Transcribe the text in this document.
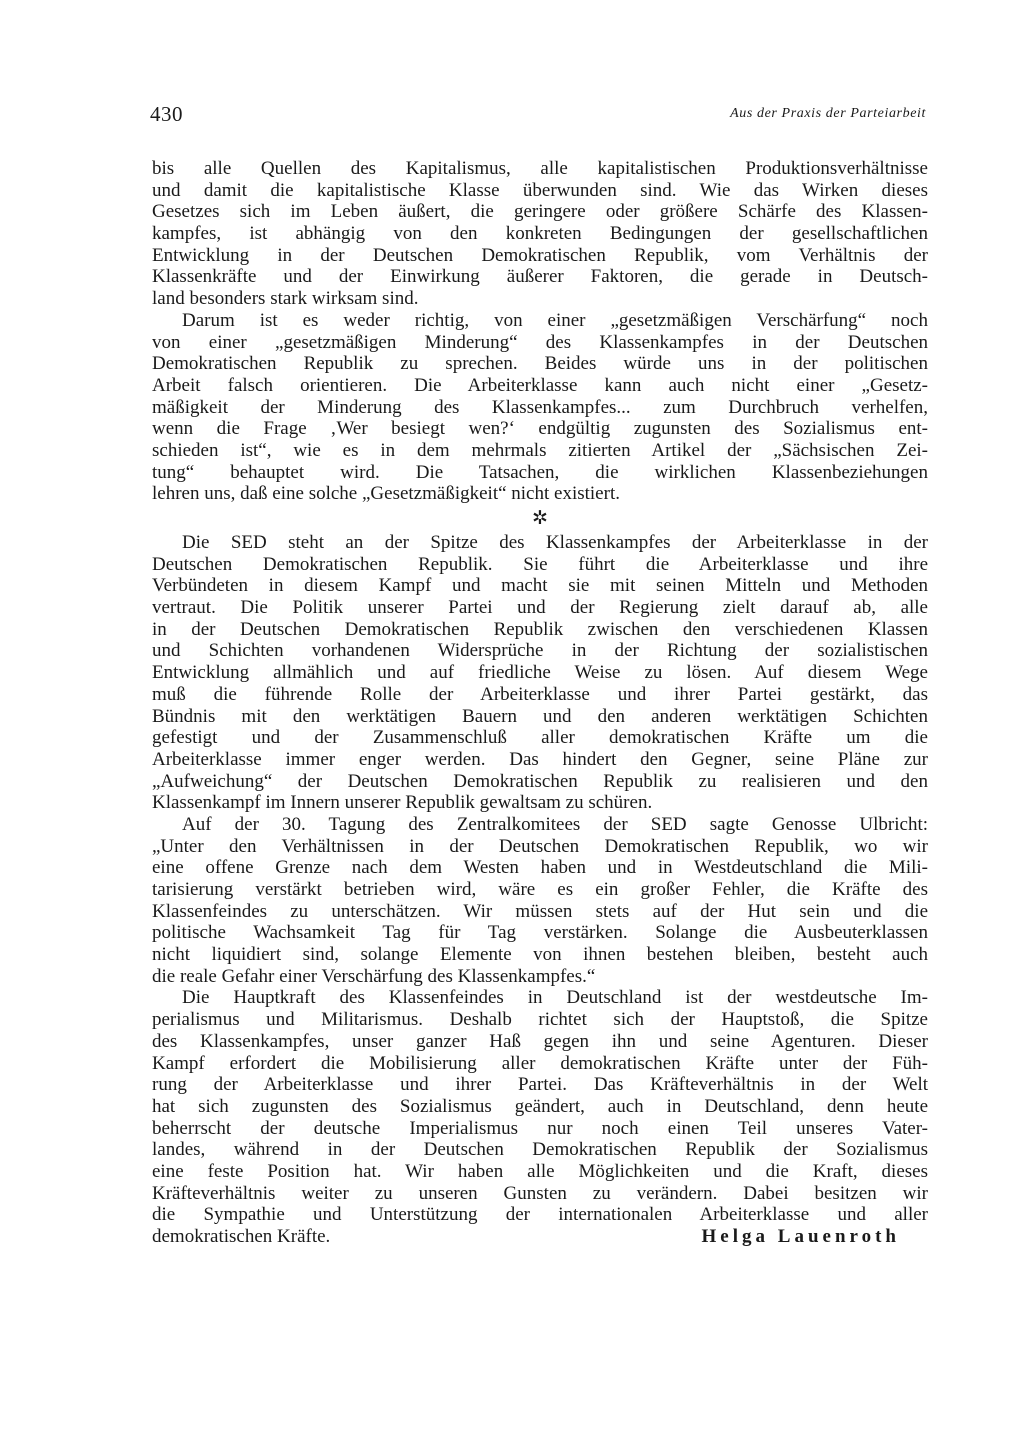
430	Aus der Praxis der Parteiarbeit
bis alle Quellen des Kapitalismus, alle kapitalistischen Produktionsverhältnisse
und damit die kapitalistische Klasse überwunden sind. Wie das Wirken dieses
Gesetzes sich im Leben äußert, die geringere oder größere Schärfe des Klassen-
kampfes, ist abhängig von den konkreten Bedingungen der gesellschaftlichen
Entwicklung in der Deutschen Demokratischen Republik, vom Verhältnis der
Klassenkräfte und der Einwirkung äußerer Faktoren, die gerade in Deutsch-
land besonders stark wirksam sind.
Darum ist es weder richtig, von einer „gesetzmäßigen Verschärfung“ noch
von einer „gesetzmäßigen Minderung“ des Klassenkampfes in der Deutschen
Demokratischen Republik zu sprechen. Beides würde uns in der politischen
Arbeit falsch orientieren. Die Arbeiterklasse kann auch nicht einer „Gesetz-
mäßigkeit der Minderung des Klassenkampfes... zum Durchbruch verhelfen,
wenn die Frage ‚Wer besiegt wen?‘ endgültig zugunsten des Sozialismus ent-
schieden ist“, wie es in dem mehrmals zitierten Artikel der „Sächsischen Zei-
tung“ behauptet wird. Die Tatsachen, die wirklichen Klassenbeziehungen
lehren uns, daß eine solche „Gesetzmäßigkeit“ nicht existiert.
✲
Die SED steht an der Spitze des Klassenkampfes der Arbeiterklasse in der
Deutschen Demokratischen Republik. Sie führt die Arbeiterklasse und ihre
Verbündeten in diesem Kampf und macht sie mit seinen Mitteln und Methoden
vertraut. Die Politik unserer Partei und der Regierung zielt darauf ab, alle
in der Deutschen Demokratischen Republik zwischen den verschiedenen Klassen
und Schichten vorhandenen Widersprüche in der Richtung der sozialistischen
Entwicklung allmählich und auf friedliche Weise zu lösen. Auf diesem Wege
muß die führende Rolle der Arbeiterklasse und ihrer Partei gestärkt, das
Bündnis mit den werktätigen Bauern und den anderen werktätigen Schichten
gefestigt und der Zusammenschluß aller demokratischen Kräfte um die
Arbeiterklasse immer enger werden. Das hindert den Gegner, seine Pläne zur
„Aufweichung“ der Deutschen Demokratischen Republik zu realisieren und den
Klassenkampf im Innern unserer Republik gewaltsam zu schüren.
Auf der 30. Tagung des Zentralkomitees der SED sagte Genosse Ulbricht:
„Unter den Verhältnissen in der Deutschen Demokratischen Republik, wo wir
eine offene Grenze nach dem Westen haben und in Westdeutschland die Mili-
tarisierung verstärkt betrieben wird, wäre es ein großer Fehler, die Kräfte des
Klassenfeindes zu unterschätzen. Wir müssen stets auf der Hut sein und die
politische Wachsamkeit Tag für Tag verstärken. Solange die Ausbeuterklassen
nicht liquidiert sind, solange Elemente von ihnen bestehen bleiben, besteht auch
die reale Gefahr einer Verschärfung des Klassenkampfes.“
Die Hauptkraft des Klassenfeindes in Deutschland ist der westdeutsche Im-
perialismus und Militarismus. Deshalb richtet sich der Hauptstoß, die Spitze
des Klassenkampfes, unser ganzer Haß gegen ihn und seine Agenturen. Dieser
Kampf erfordert die Mobilisierung aller demokratischen Kräfte unter der Füh-
rung der Arbeiterklasse und ihrer Partei. Das Kräfteverhältnis in der Welt
hat sich zugunsten des Sozialismus geändert, auch in Deutschland, denn heute
beherrscht der deutsche Imperialismus nur noch einen Teil unseres Vater-
landes, während in der Deutschen Demokratischen Republik der Sozialismus
eine feste Position hat. Wir haben alle Möglichkeiten und die Kraft, dieses
Kräfteverhältnis weiter zu unseren Gunsten zu verändern. Dabei besitzen wir
die Sympathie und Unterstützung der internationalen Arbeiterklasse und aller
demokratischen Kräfte.	Helga Lauenroth
